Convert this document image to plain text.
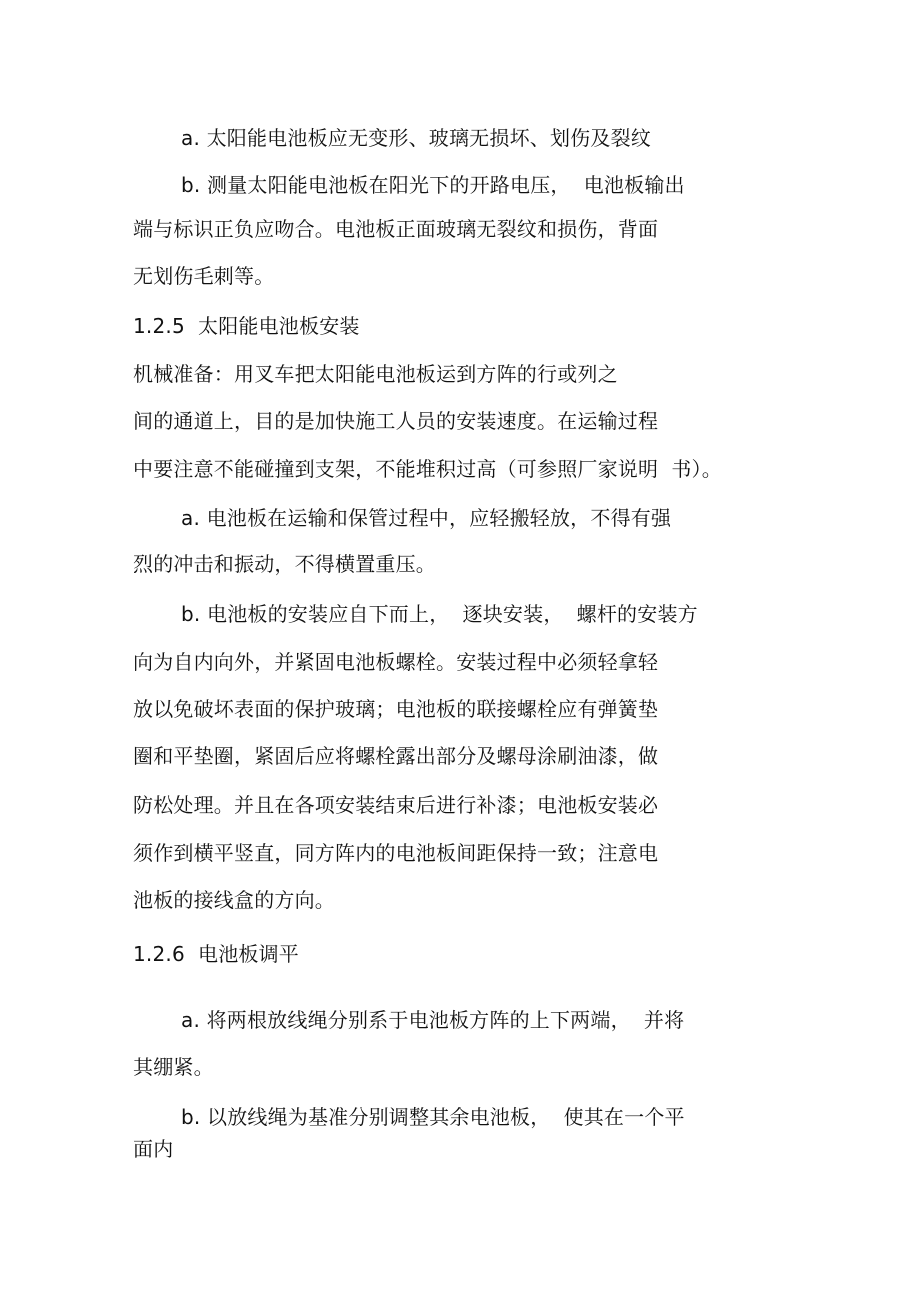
a. 太阳能电池板应无变形、玻璃无损坏、划伤及裂纹
b. 测量太阳能电池板在阳光下的开路电压，  电池板输出
端与标识正负应吻合。电池板正面玻璃无裂纹和损伤，背面
无划伤毛刺等。
1.2.5  太阳能电池板安装
机械准备：用叉车把太阳能电池板运到方阵的行或列之
间的通道上，目的是加快施工人员的安装速度。在运输过程
中要注意不能碰撞到支架，不能堆积过高（可参照厂家说明  书）。
a. 电池板在运输和保管过程中，应轻搬轻放，不得有强
烈的冲击和振动，不得横置重压。
b. 电池板的安装应自下而上，  逐块安装，  螺杆的安装方
向为自内向外，并紧固电池板螺栓。安装过程中必须轻拿轻
放以免破坏表面的保护玻璃；电池板的联接螺栓应有弹簧垫
圈和平垫圈，紧固后应将螺栓露出部分及螺母涂刷油漆，做
防松处理。并且在各项安装结束后进行补漆；电池板安装必
须作到横平竖直，同方阵内的电池板间距保持一致；注意电
池板的接线盒的方向。
1.2.6  电池板调平
a. 将两根放线绳分别系于电池板方阵的上下两端，  并将
其绷紧。
b. 以放线绳为基准分别调整其余电池板，  使其在一个平
面内
